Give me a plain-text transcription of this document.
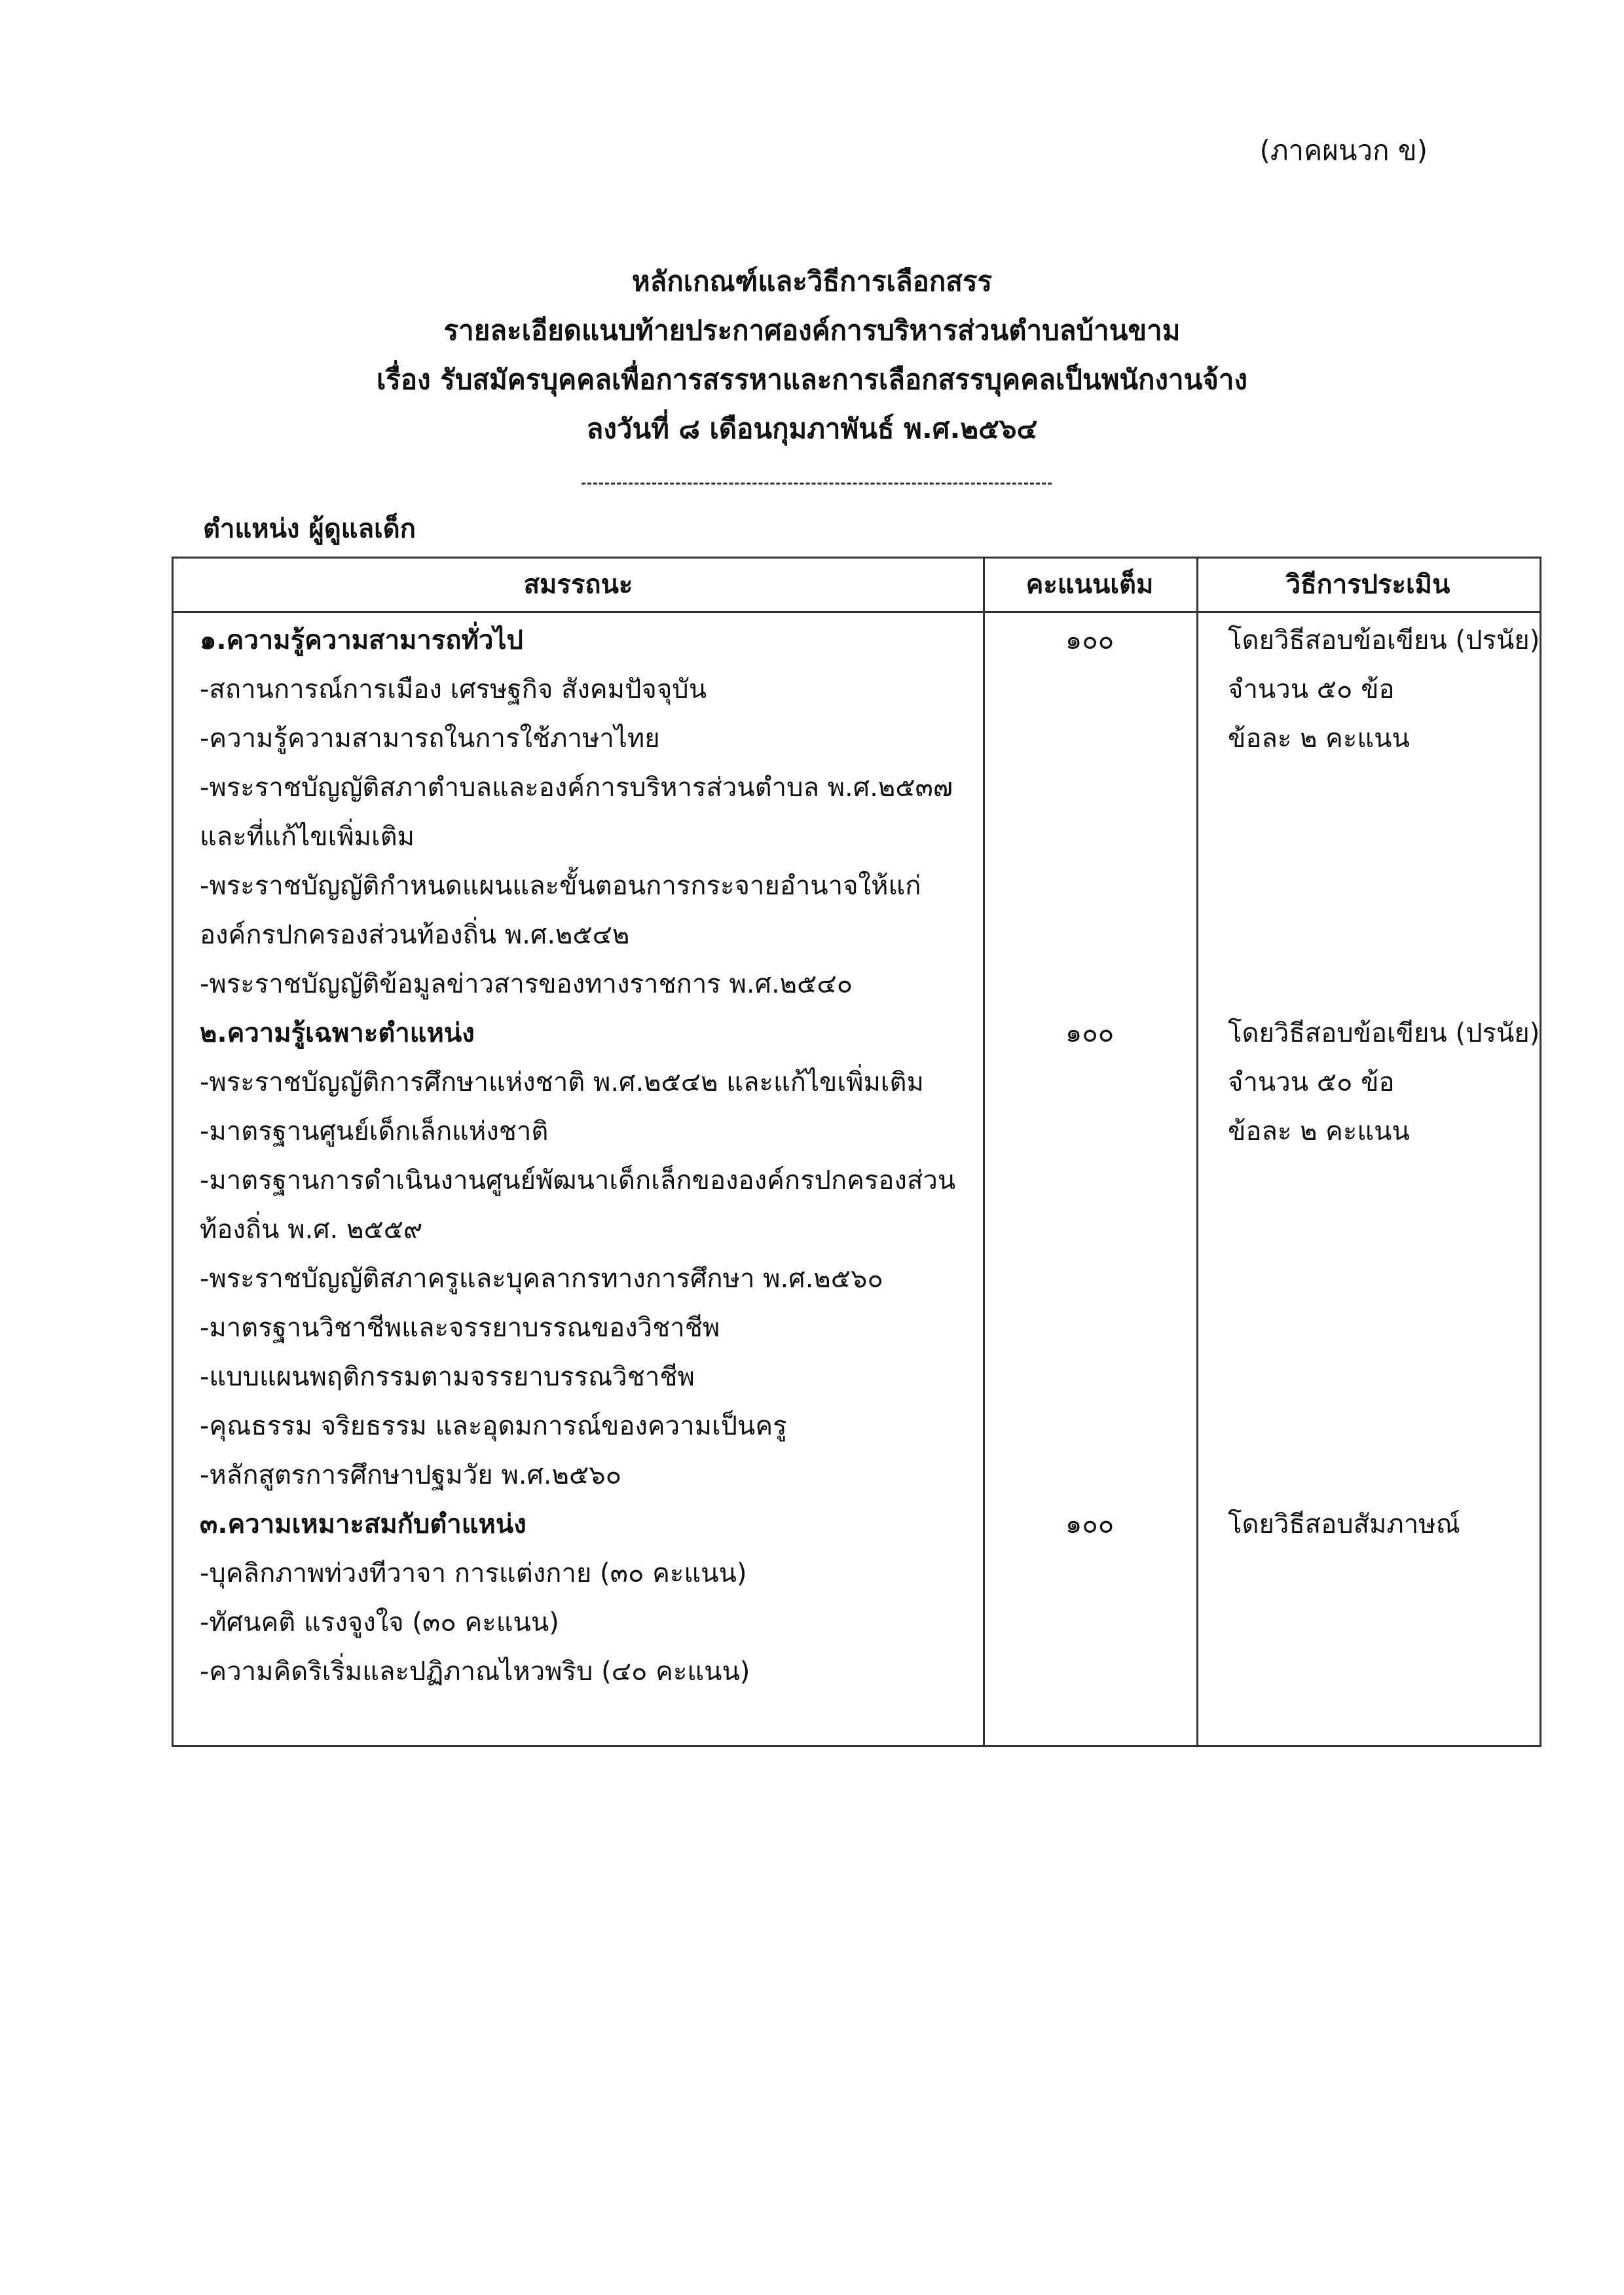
(ภาคผนวก ข)
หลักเกณฑ์และวิธีการเลือกสรร
รายละเอียดแนบท้ายประกาศองค์การบริหารส่วนตำบลบ้านขาม
เรื่อง รับสมัครบุคคลเพื่อการสรรหาและการเลือกสรรบุคคลเป็นพนักงานจ้าง
ลงวันที่ ๘ เดือนกุมภาพันธ์ พ.ศ.๒๕๖๔
ตำแหน่ง ผู้ดูแลเด็ก
สมรรถนะ	คะแนนเต็ม	วิธีการประเมิน
๑.ความรู้ความสามารถทั่วไป
-สถานการณ์การเมือง เศรษฐกิจ สังคมปัจจุบัน
-ความรู้ความสามารถในการใช้ภาษาไทย
-พระราชบัญญัติสภาตำบลและองค์การบริหารส่วนตำบล พ.ศ.๒๕๓๗
และที่แก้ไขเพิ่มเติม
-พระราชบัญญัติกำหนดแผนและขั้นตอนการกระจายอำนาจให้แก่
องค์กรปกครองส่วนท้องถิ่น พ.ศ.๒๕๔๒
-พระราชบัญญัติข้อมูลข่าวสารของทางราชการ พ.ศ.๒๕๔๐
๑๐๐	โดยวิธีสอบข้อเขียน (ปรนัย)
จำนวน ๕๐ ข้อ
ข้อละ ๒ คะแนน
๒.ความรู้เฉพาะตำแหน่ง
-พระราชบัญญัติการศึกษาแห่งชาติ พ.ศ.๒๕๔๒ และแก้ไขเพิ่มเติม
-มาตรฐานศูนย์เด็กเล็กแห่งชาติ
-มาตรฐานการดำเนินงานศูนย์พัฒนาเด็กเล็กขององค์กรปกครองส่วน
ท้องถิ่น พ.ศ. ๒๕๕๙
-พระราชบัญญัติสภาครูและบุคลากรทางการศึกษา พ.ศ.๒๕๖๐
-มาตรฐานวิชาชีพและจรรยาบรรณของวิชาชีพ
-แบบแผนพฤติกรรมตามจรรยาบรรณวิชาชีพ
-คุณธรรม จริยธรรม และอุดมการณ์ของความเป็นครู
-หลักสูตรการศึกษาปฐมวัย พ.ศ.๒๕๖๐
๑๐๐	โดยวิธีสอบข้อเขียน (ปรนัย)
จำนวน ๕๐ ข้อ
ข้อละ ๒ คะแนน
๓.ความเหมาะสมกับตำแหน่ง
-บุคลิกภาพท่วงทีวาจา การแต่งกาย (๓๐ คะแนน)
-ทัศนคติ แรงจูงใจ (๓๐ คะแนน)
-ความคิดริเริ่มและปฏิภาณไหวพริบ (๔๐ คะแนน)
๑๐๐	โดยวิธีสอบสัมภาษณ์
